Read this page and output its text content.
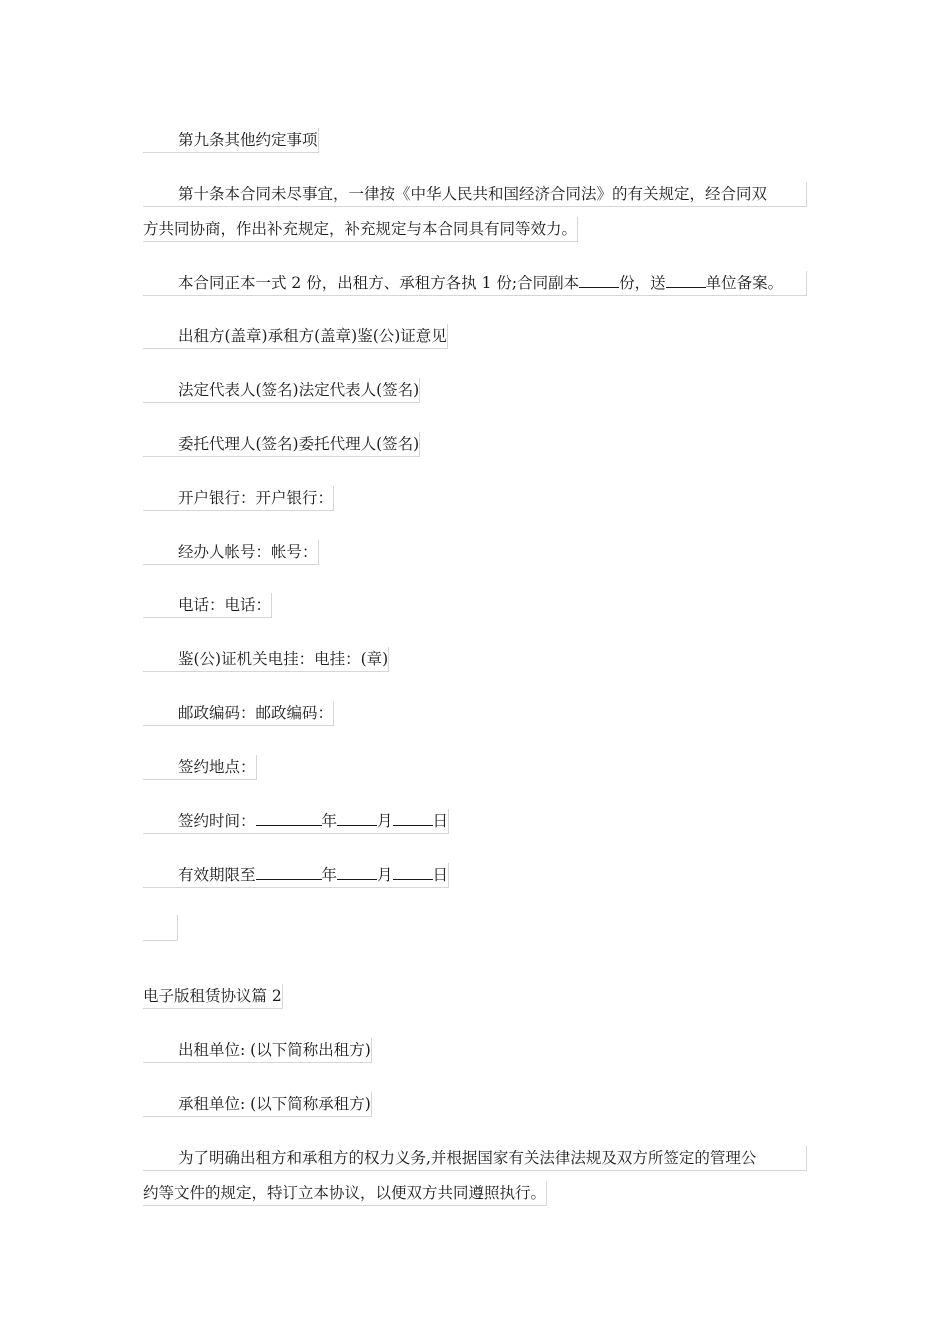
第九条其他约定事项
第十条本合同未尽事宜，一律按《中华人民共和国经济合同法》的有关规定，经合同双
方共同协商，作出补充规定，补充规定与本合同具有同等效力。
本合同正本一式 2 份，出租方、承租方各执 1 份;合同副本	份，送	单位备案。
出租方(盖章)承租方(盖章)鉴(公)证意见
法定代表人(签名)法定代表人(签名)
委托代理人(签名)委托代理人(签名)
开户银行：开户银行：
经办人帐号：帐号：
电话：电话：
鉴(公)证机关电挂：电挂：(章)
邮政编码：邮政编码：
签约地点：
签约时间：	年	月	日
有效期限至	年	月	日
电子版租赁协议篇 2
出租单位: (以下简称出租方)
承租单位: (以下简称承租方)
为了明确出租方和承租方的权力义务,并根据国家有关法律法规及双方所签定的管理公
约等文件的规定，特订立本协议，以便双方共同遵照执行。
